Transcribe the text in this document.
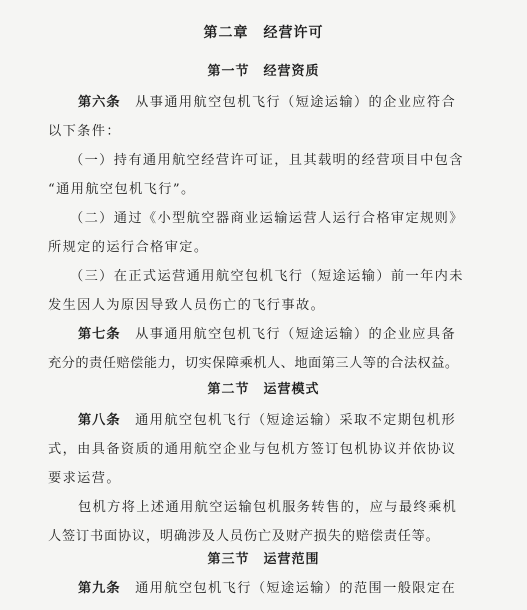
第二章　经营许可
第一节　经营资质
第六条　从事通用航空包机飞行（短途运输）的企业应符合
以下条件：
　（一）持有通用航空经营许可证，且其载明的经营项目中包含
“通用航空包机飞行”。
　（二）通过《小型航空器商业运输运营人运行合格审定规则》
所规定的运行合格审定。
　（三）在正式运营通用航空包机飞行（短途运输）前一年内未
发生因人为原因导致人员伤亡的飞行事故。
第七条　从事通用航空包机飞行（短途运输）的企业应具备
充分的责任赔偿能力，切实保障乘机人、地面第三人等的合法权益。
第二节　运营模式
第八条　通用航空包机飞行（短途运输）采取不定期包机形
式，由具备资质的通用航空企业与包机方签订包机协议并依协议
要求运营。
包机方将上述通用航空运输包机服务转售的，应与最终乘机
人签订书面协议，明确涉及人员伤亡及财产损失的赔偿责任等。
第三节　运营范围
第九条　通用航空包机飞行（短途运输）的范围一般限定在
